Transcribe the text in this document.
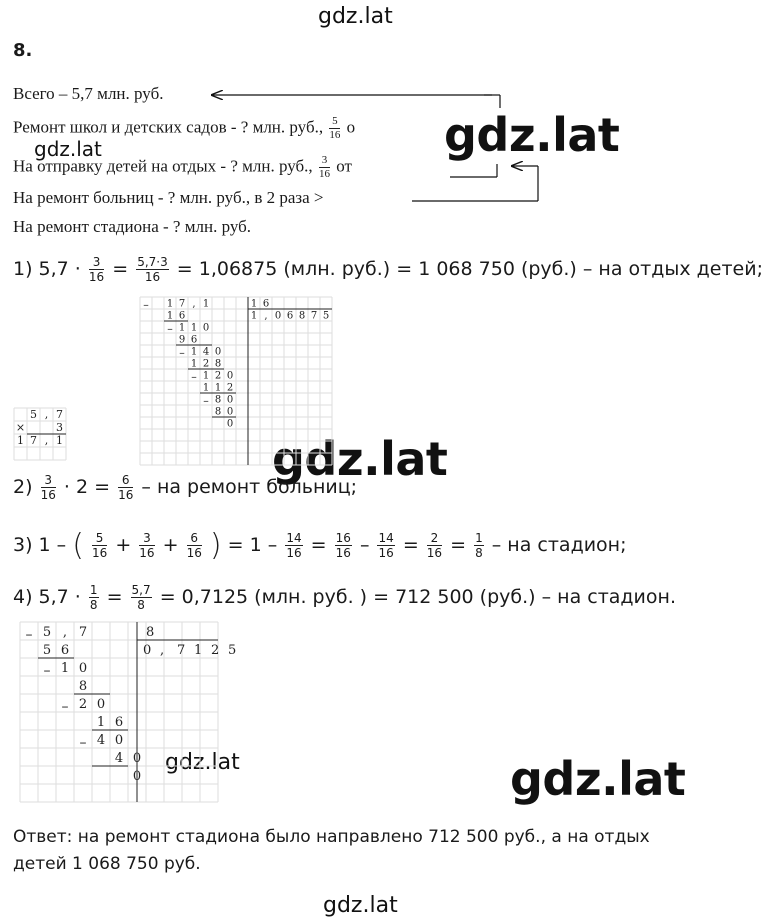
gdz.lat
gdz.lat	gdz.lat
gdz.lat
gdz.lat	gdz.lat
gdz.lat
8.
Всего – 5,7 млн. руб.
Ремонт школ и детских садов - ? млн. руб., $\frac{5}{16}$ о
На отправку детей на отдых - ? млн. руб., $\frac{3}{16}$ от
На ремонт больниц - ? млн. руб., в 2 раза >
На ремонт стадиона - ? млн. руб.
1) $5,7 \cdot \frac{3}{16} = \frac{5,7\cdot 3}{16} = 1,06875$ (млн. руб.) = 1 068 750 (руб.) – на отдых детей;
×
5 , 7
3
1 7 , 1
– 1 7 , 1	1 6
1 , 0 6 8 7 5
1 6
1 1 0
9 6
1 4 0
1 2 8
1 2 0
1 1 2
8 0
8 0
0
–
–
–
–
$2) \frac{3}{16} \cdot 2 = \frac{6}{16}$ – на ремонт больниц;
3) 1 – ( $\frac{5}{16} + \frac{3}{16} + \frac{6}{16}$ ) = $1 - \frac{14}{16} = \frac{16}{16} - \frac{14}{16} = \frac{2}{16} = \frac{1}{8}$ – на стадион;
4) $5,7 \cdot \frac{1}{8} = \frac{5,7}{8} = 0,7125$ (млн. руб. ) = 712 500 (руб.) – на стадион.
– 5 , 7	8
0 , 7 1 2 5
5 6
1 0
8
2 0
1 6
4 0
4 0
0
–
–
–
Ответ: на ремонт стадиона было направлено 712 500 руб., а на отдых
детей 1 068 750 руб.
